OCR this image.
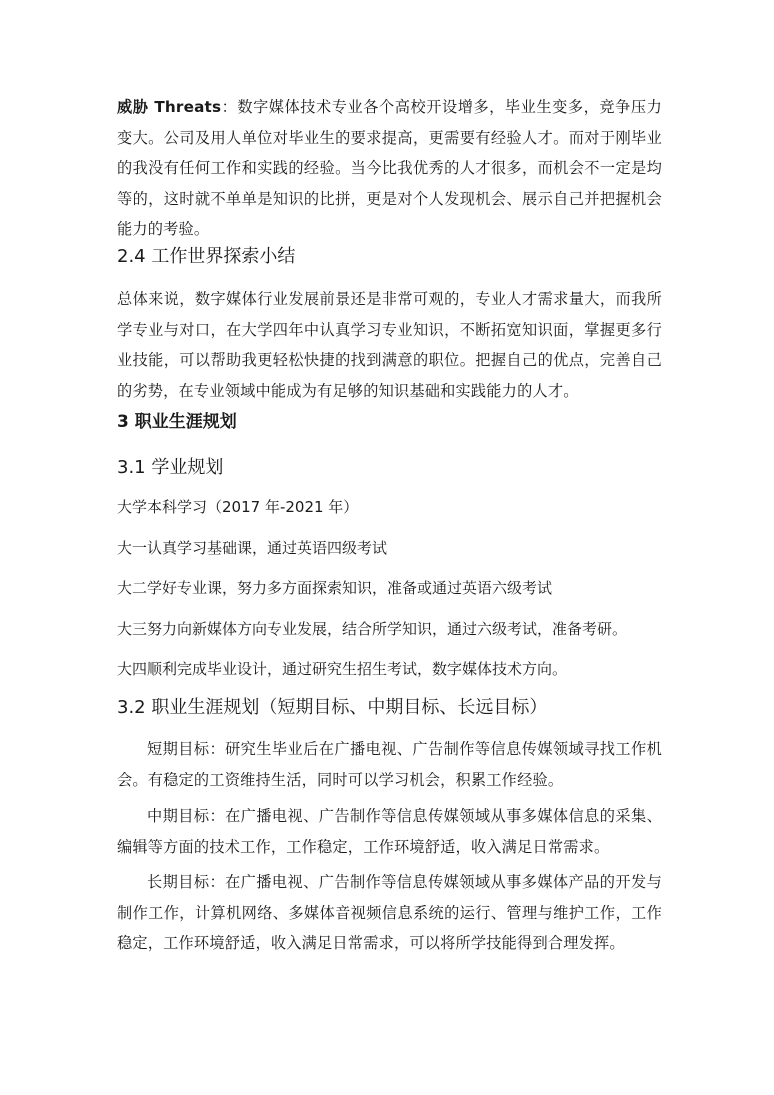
威胁 Threats：数字媒体技术专业各个高校开设增多，毕业生变多，竞争压力变大。公司及用人单位对毕业生的要求提高，更需要有经验人才。而对于刚毕业的我没有任何工作和实践的经验。当今比我优秀的人才很多，而机会不一定是均等的，这时就不单单是知识的比拼，更是对个人发现机会、展示自己并把握机会能力的考验。

2.4 工作世界探索小结

总体来说，数字媒体行业发展前景还是非常可观的，专业人才需求量大，而我所学专业与对口，在大学四年中认真学习专业知识，不断拓宽知识面，掌握更多行业技能，可以帮助我更轻松快捷的找到满意的职位。把握自己的优点，完善自己的劣势，在专业领域中能成为有足够的知识基础和实践能力的人才。

3 职业生涯规划
3.1 学业规划
大学本科学习（2017 年-2021 年）
大一认真学习基础课，通过英语四级考试
大二学好专业课，努力多方面探索知识，准备或通过英语六级考试
大三努力向新媒体方向专业发展，结合所学知识，通过六级考试，准备考研。
大四顺利完成毕业设计，通过研究生招生考试，数字媒体技术方向。
3.2 职业生涯规划（短期目标、中期目标、长远目标）

短期目标：研究生毕业后在广播电视、广告制作等信息传媒领域寻找工作机会。有稳定的工资维持生活，同时可以学习机会，积累工作经验。

中期目标：在广播电视、广告制作等信息传媒领域从事多媒体信息的采集、编辑等方面的技术工作，工作稳定，工作环境舒适，收入满足日常需求。

长期目标：在广播电视、广告制作等信息传媒领域从事多媒体产品的开发与制作工作，计算机网络、多媒体音视频信息系统的运行、管理与维护工作，工作稳定，工作环境舒适，收入满足日常需求，可以将所学技能得到合理发挥。
